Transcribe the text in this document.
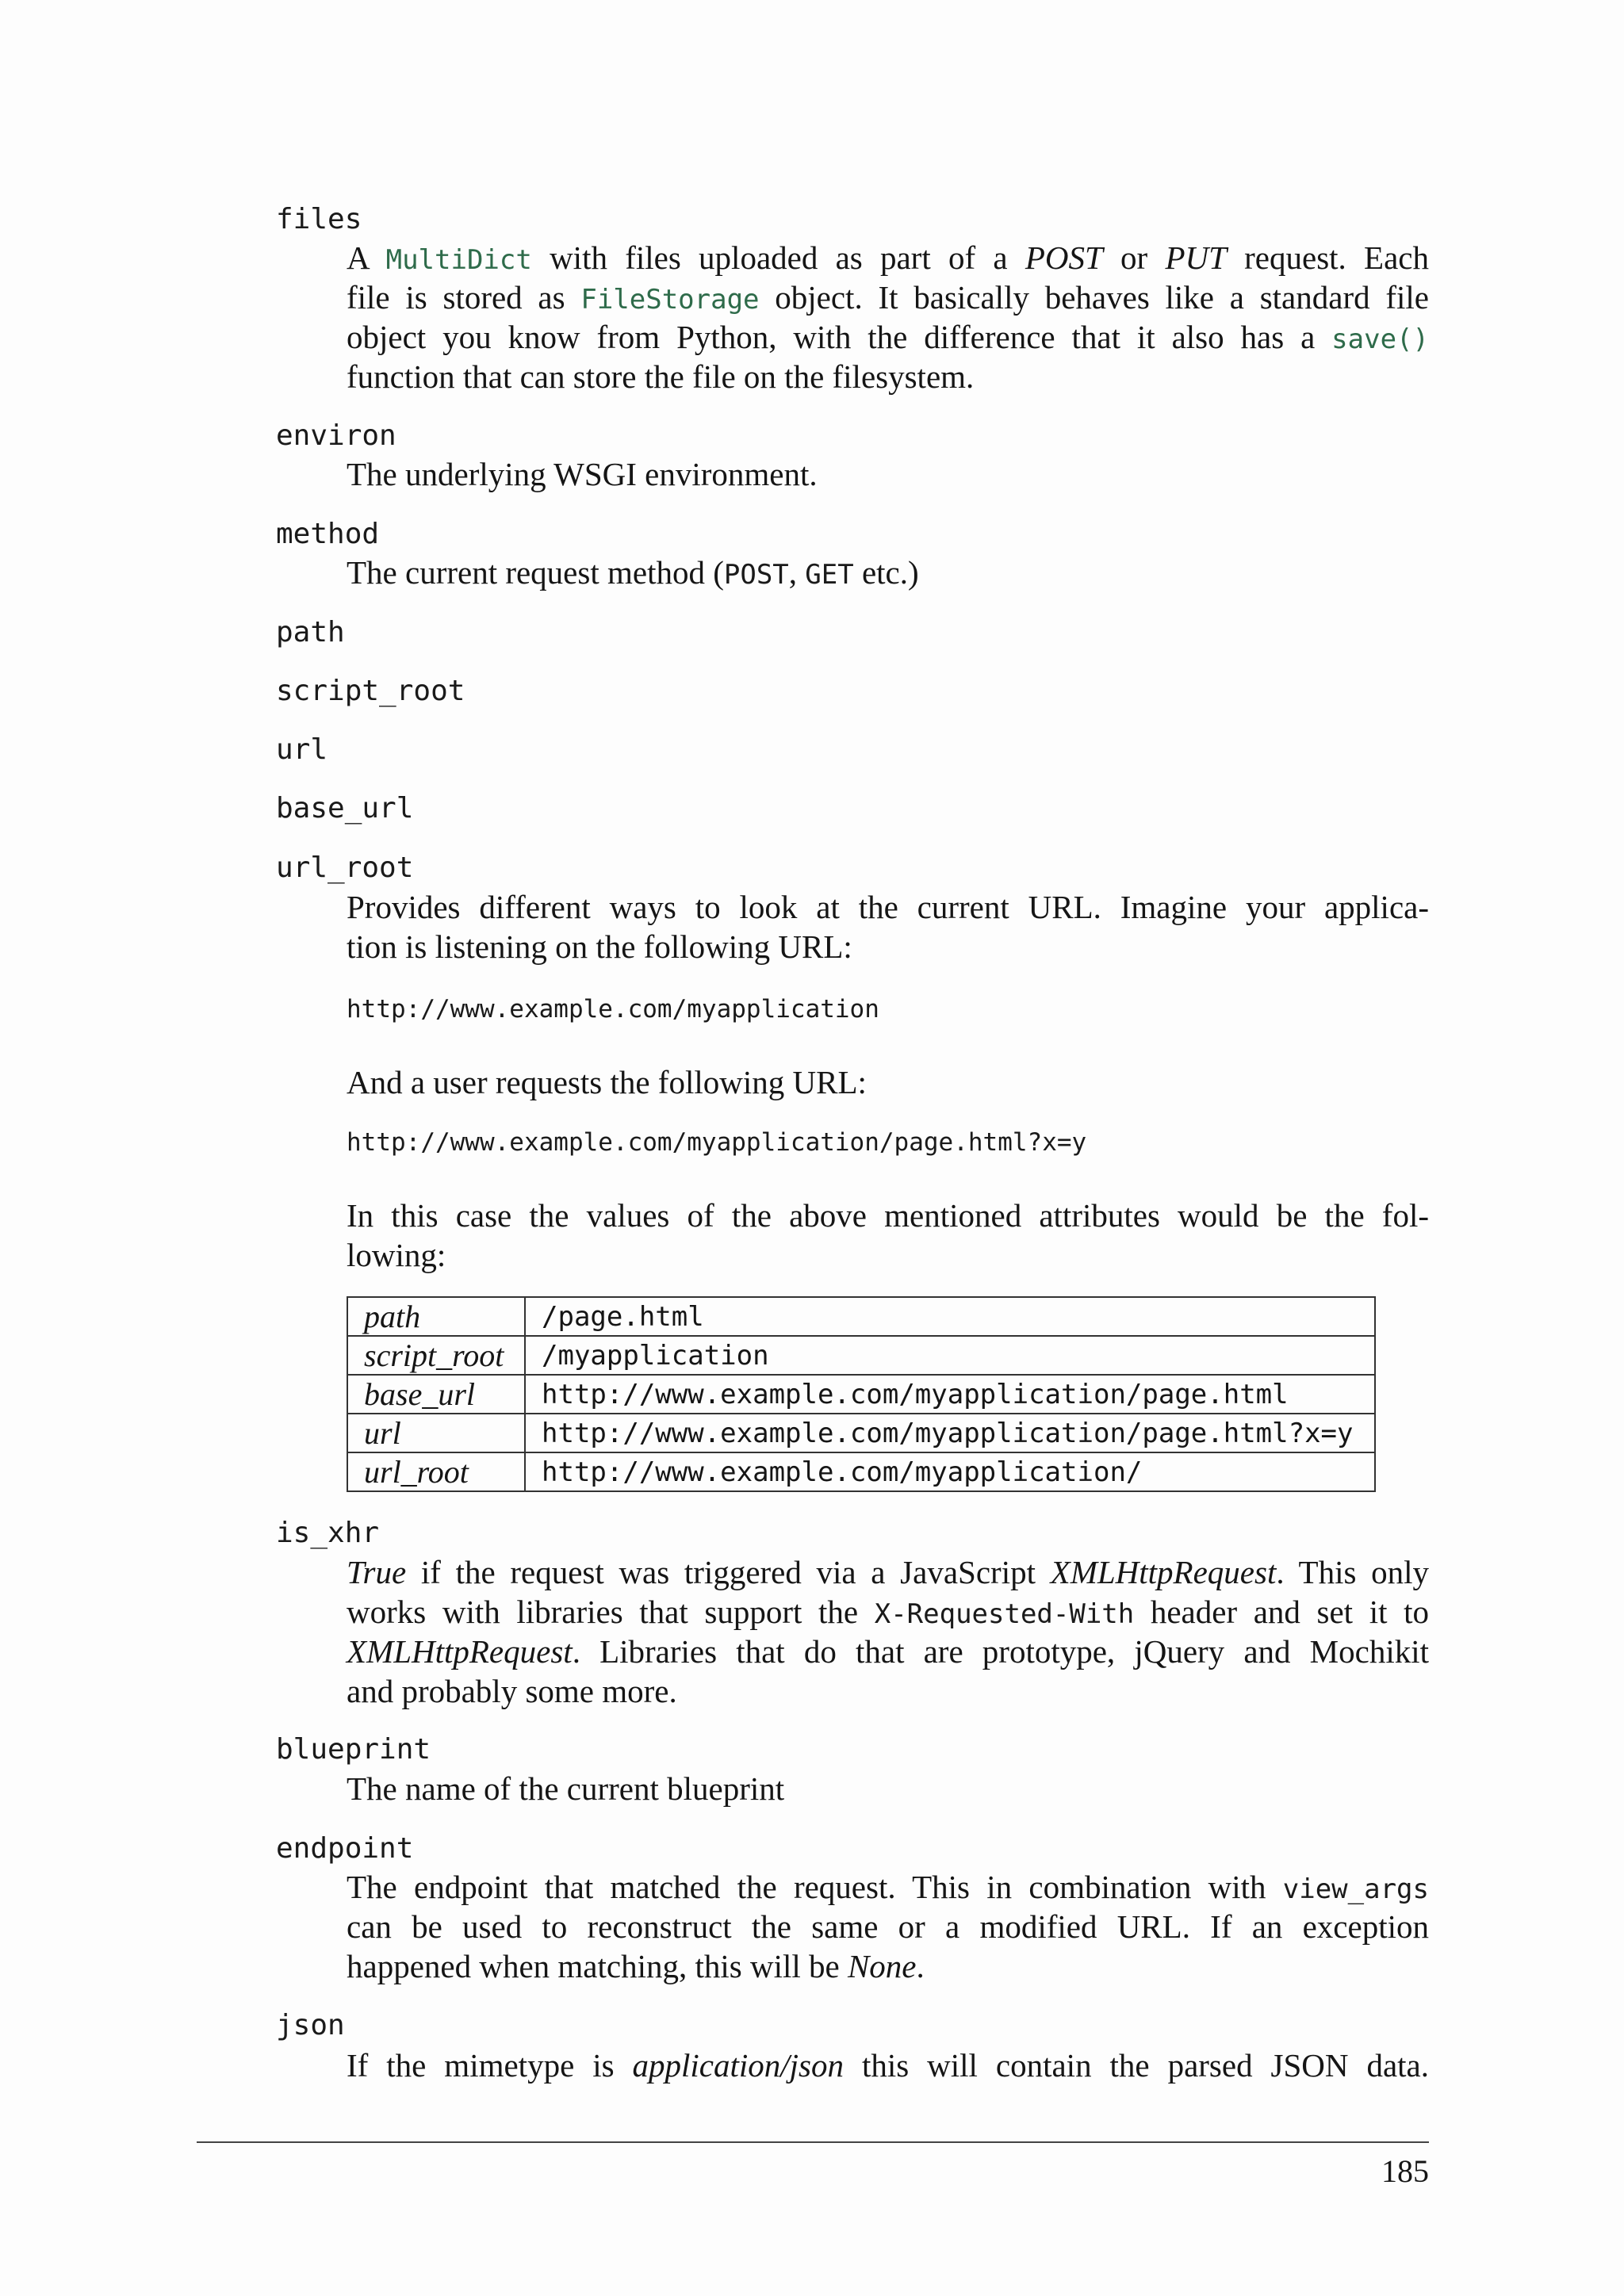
files
A MultiDict with files uploaded as part of a POST or PUT request. Each
file is stored as FileStorage object. It basically behaves like a standard file
object you know from Python, with the difference that it also has a save()
function that can store the file on the filesystem.
environ
The underlying WSGI environment.
method
The current request method (POST, GET etc.)
path
script_root
url
base_url
url_root
Provides different ways to look at the current URL. Imagine your applica-
tion is listening on the following URL:
http://www.example.com/myapplication
And a user requests the following URL:
http://www.example.com/myapplication/page.html?x=y
In this case the values of the above mentioned attributes would be the fol-
lowing:
path	/page.html
script_root	/myapplication
base_url	http://www.example.com/myapplication/page.html
url	http://www.example.com/myapplication/page.html?x=y
url_root	http://www.example.com/myapplication/
is_xhr
True if the request was triggered via a JavaScript XMLHttpRequest. This only
works with libraries that support the X-Requested-With header and set it to
XMLHttpRequest. Libraries that do that are prototype, jQuery and Mochikit
and probably some more.
blueprint
The name of the current blueprint
endpoint
The endpoint that matched the request. This in combination with view_args
can be used to reconstruct the same or a modified URL. If an exception
happened when matching, this will be None.
json
If the mimetype is application/json this will contain the parsed JSON data.
185
